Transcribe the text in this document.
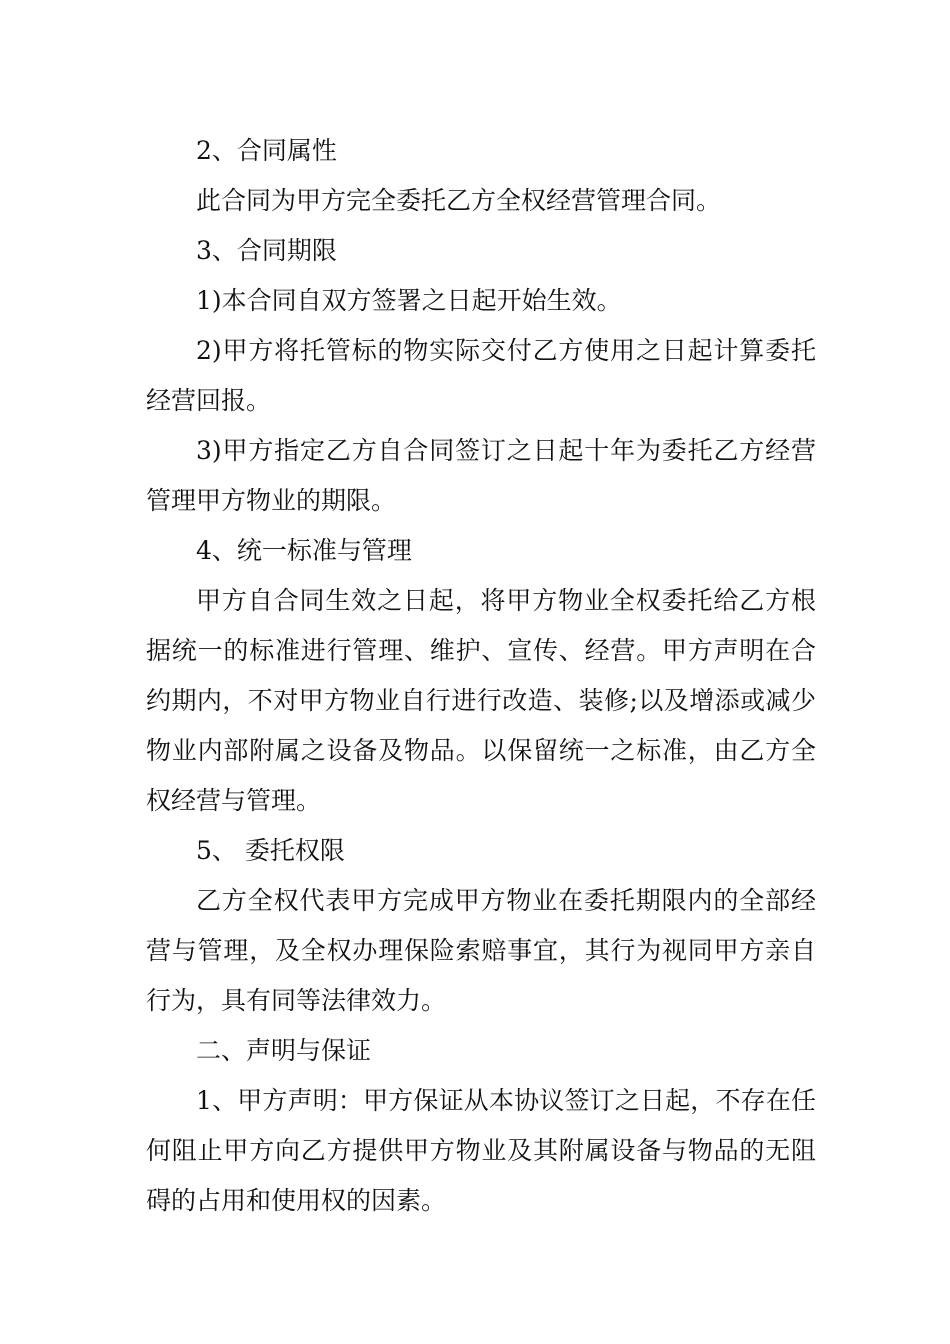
2、合同属性

此合同为甲方完全委托乙方全权经营管理合同。

3、合同期限

1)本合同自双方签署之日起开始生效。

2)甲方将托管标的物实际交付乙方使用之日起计算委托经营回报。

3)甲方指定乙方自合同签订之日起十年为委托乙方经营管理甲方物业的期限。

4、统一标准与管理

甲方自合同生效之日起，将甲方物业全权委托给乙方根据统一的标准进行管理、维护、宣传、经营。甲方声明在合约期内，不对甲方物业自行进行改造、装修;以及增添或减少物业内部附属之设备及物品。以保留统一之标准，由乙方全权经营与管理。

5、 委托权限

乙方全权代表甲方完成甲方物业在委托期限内的全部经营与管理，及全权办理保险索赔事宜，其行为视同甲方亲自行为，具有同等法律效力。

二、声明与保证

1、甲方声明：甲方保证从本协议签订之日起，不存在任何阻止甲方向乙方提供甲方物业及其附属设备与物品的无阻碍的占用和使用权的因素。
